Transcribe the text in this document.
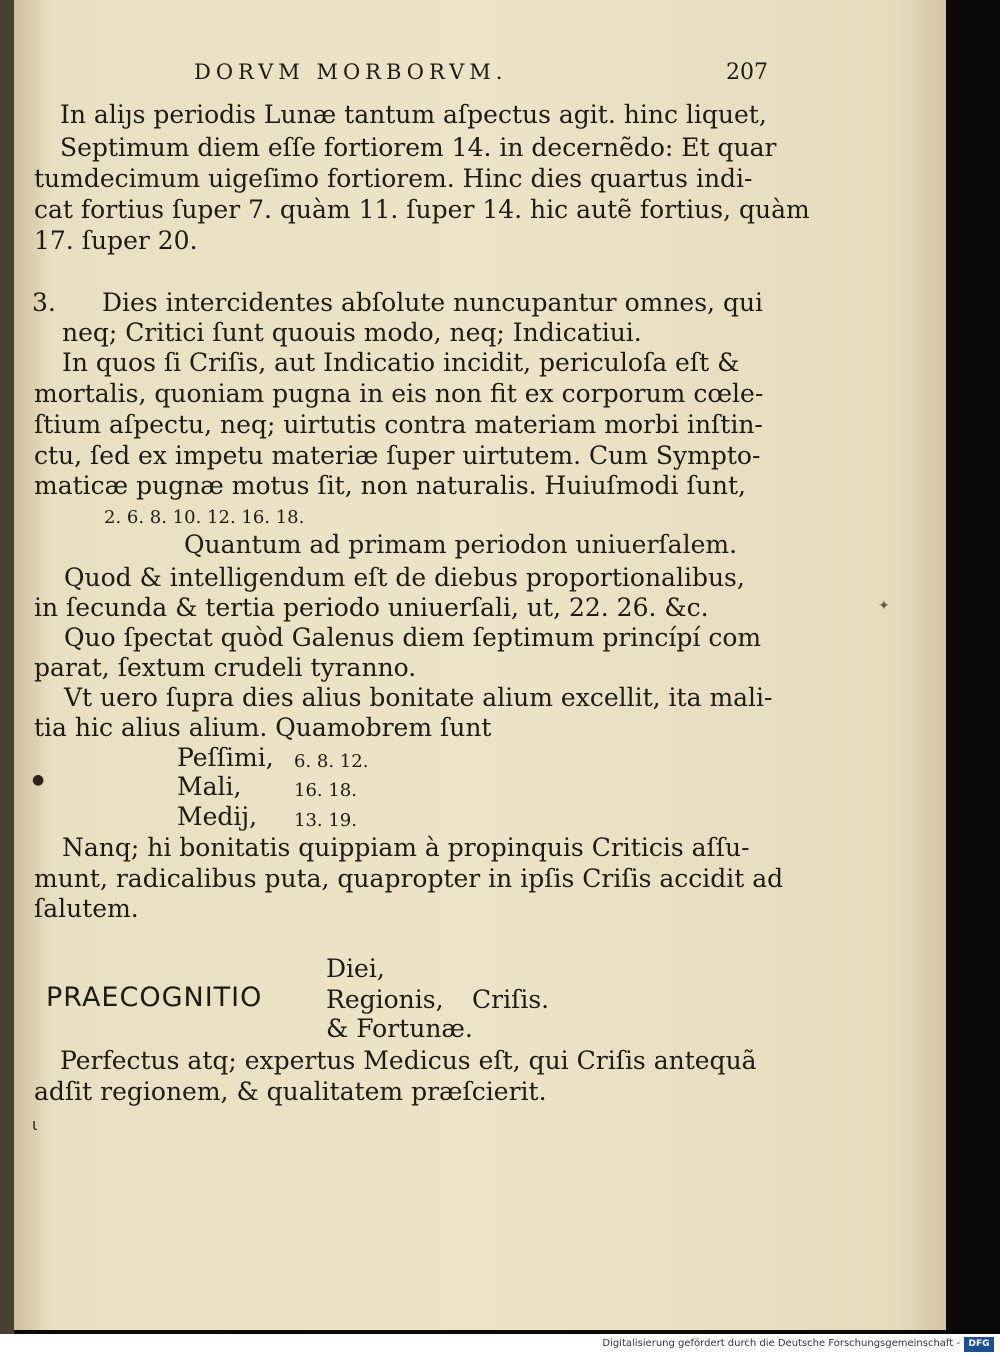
DORVM MORBORVM.	207
In aliȷs periodis Lunæ tantum aſpectus agit. hinc liquet,
Septimum diem eſſe fortiorem 14. in decernẽdo: Et quar
tumdecimum uigeſimo fortiorem. Hinc dies quartus indi-
cat fortius ſuper 7. quàm 11. ſuper 14. hic autẽ fortius, quàm
17. ſuper 20.
3. Dies intercidentes abſolute nuncupantur omnes, qui
neq; Critici ſunt quouis modo, neq; Indicatiui.
In quos ſi Criſis, aut Indicatio incidit, periculoſa eſt &
mortalis, quoniam pugna in eis non fit ex corporum cœle-
ſtium aſpectu, neq; uirtutis contra materiam morbi inſtin-
ctu, ſed ex impetu materiæ ſuper uirtutem. Cum Sympto-
maticæ pugnæ motus ſit, non naturalis. Huiuſmodi ſunt,
2. 6. 8. 10. 12. 16. 18.
Quantum ad primam periodon uniuerſalem.
Quod & intelligendum eſt de diebus proportionalibus,
in ſecunda & tertia periodo uniuerſali, ut, 22. 26. &c.
Quo ſpectat quòd Galenus diem ſeptimum princípí com
parat, ſextum crudeli tyranno.
Vt uero ſupra dies alius bonitate alium excellit, ita mali-
tia hic alius alium. Quamobrem ſunt
Peſſimi, 6. 8. 12.
Mali,	16. 18.
Medij, 13. 19.
Nanq; hi bonitatis quippiam à propinquis Criticis aſſu-
munt, radicalibus puta, quapropter in ipſis Criſis accidit ad
ſalutem.
PRAECOGNITIO
Diei,
Regionis,
& Fortunæ.
Criſis.
Perfectus atq; expertus Medicus eſt, qui Criſis antequã
adſit regionem, & qualitatem præſcierit.
●
ɩ
✦
Digitalisierung gefördert durch die Deutsche Forschungsgemeinschaft - DFG
